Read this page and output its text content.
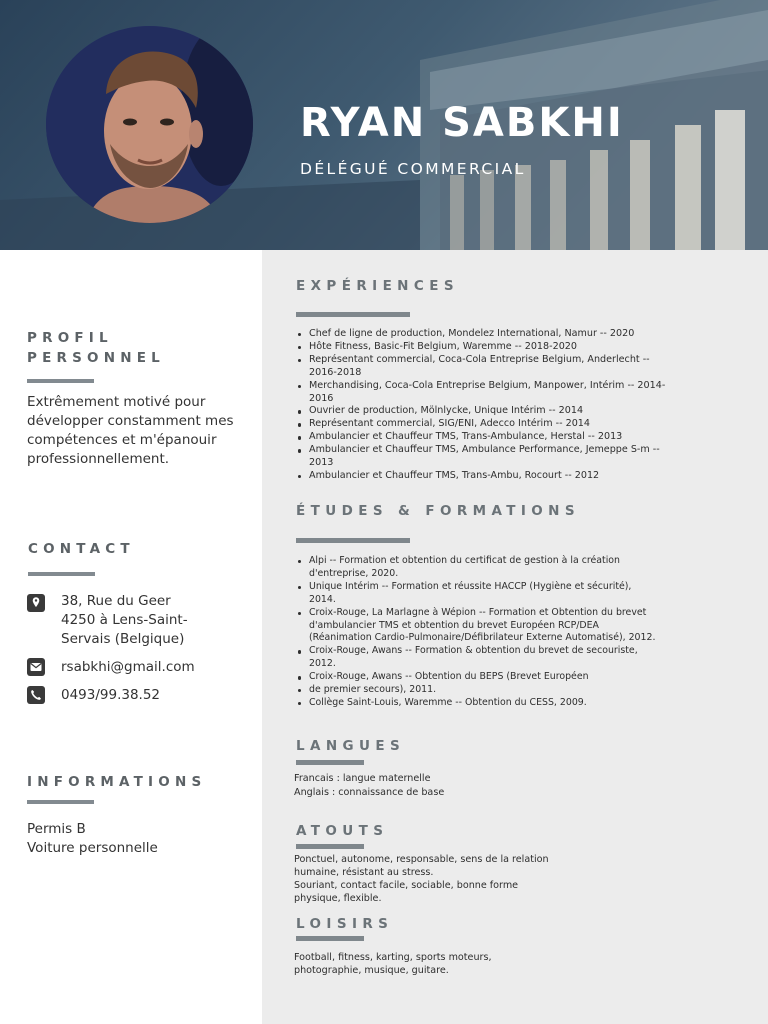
RYAN SABKHI
DÉLÉGUÉ COMMERCIAL
PROFIL
PERSONNEL
Extrêmement motivé pour développer constamment mes compétences et m'épanouir professionnellement.
CONTACT
38, Rue du Geer
4250 à Lens-Saint-
Servais (Belgique)
rsabkhi@gmail.com
0493/99.38.52
INFORMATIONS
Permis B
Voiture personnelle
EXPÉRIENCES
Chef de ligne de production, Mondelez International, Namur -- 2020
Hôte Fitness, Basic-Fit Belgium, Waremme -- 2018-2020
Représentant commercial, Coca-Cola Entreprise Belgium, Anderlecht -- 2016-2018
Merchandising, Coca-Cola Entreprise Belgium, Manpower, Intérim -- 2014-2016
Ouvrier de production, Mölnlycke, Unique Intérim -- 2014
Représentant commercial, SIG/ENI, Adecco Intérim -- 2014
Ambulancier et Chauffeur TMS, Trans-Ambulance, Herstal -- 2013
Ambulancier et Chauffeur TMS, Ambulance Performance, Jemeppe S-m -- 2013
Ambulancier et Chauffeur TMS, Trans-Ambu, Rocourt -- 2012
ÉTUDES & FORMATIONS
Alpi -- Formation et obtention du certificat de gestion à la création d'entreprise, 2020.
Unique Intérim -- Formation et réussite HACCP (Hygiène et sécurité), 2014.
Croix-Rouge, La Marlagne à Wépion -- Formation et Obtention du brevet d'ambulancier TMS et obtention du brevet Européen RCP/DEA (Réanimation Cardio-Pulmonaire/Défibrilateur Externe Automatisé), 2012.
Croix-Rouge, Awans -- Formation & obtention du brevet de secouriste, 2012.
Croix-Rouge, Awans -- Obtention du BEPS (Brevet Européen
de premier secours), 2011.
Collège Saint-Louis, Waremme -- Obtention du CESS, 2009.
LANGUES
Francais : langue maternelle
Anglais : connaissance de base
ATOUTS
Ponctuel, autonome, responsable, sens de la relation
humaine, résistant au stress.
Souriant, contact facile, sociable, bonne forme
physique, flexible.
LOISIRS
Football, fitness, karting, sports moteurs,
photographie, musique, guitare.
